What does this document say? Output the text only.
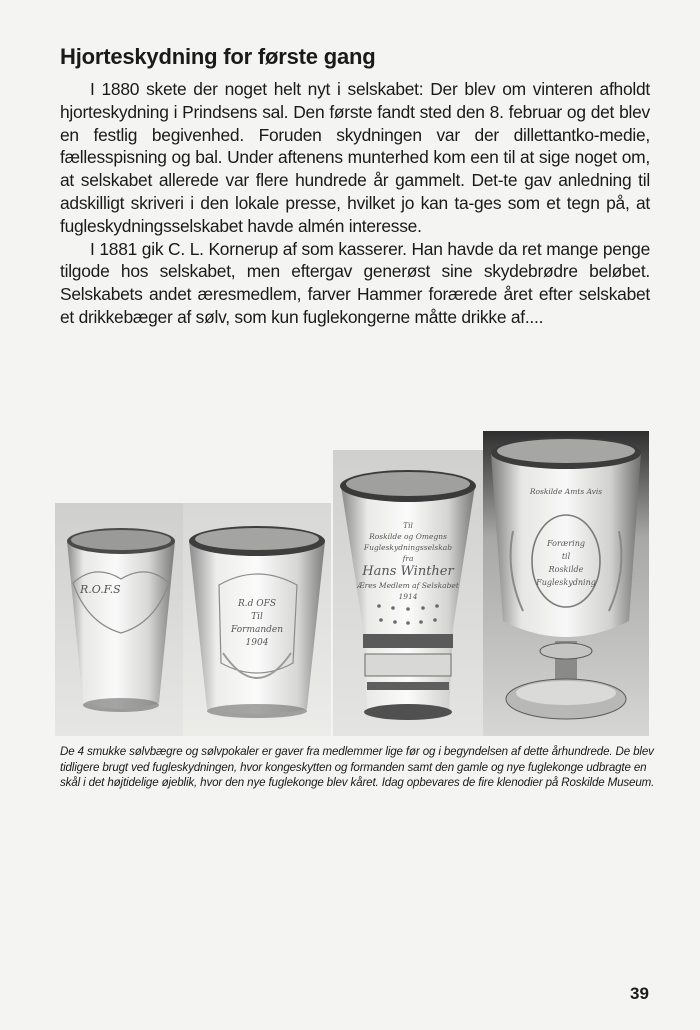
Hjorteskydning for første gang

I 1880 skete der noget helt nyt i selskabet: Der blev om vinteren afholdt hjorteskydning i Prindsens sal. Den første fandt sted den 8. februar og det blev en festlig begivenhed. Foruden skydningen var der dillettantko-medie, fællesspisning og bal. Under aftenens munterhed kom een til at sige noget om, at selskabet allerede var flere hundrede år gammelt. Det-te gav anledning til adskilligt skriveri i den lokale presse, hvilket jo kan ta-ges som et tegn på, at fugleskydningsselskabet havde almén interesse.

I 1881 gik C. L. Kornerup af som kasserer. Han havde da ret mange penge tilgode hos selskabet, men eftergav generøst sine skydebrødre beløbet. Selskabets andet æresmedlem, farver Hammer forærede året efter selskabet et drikkebæger af sølv, som kun fuglekongerne måtte drikke af....

R.O.F.S
R.d OFS
Til
Formanden
1904
Til
Roskilde og Omegns Fugleskydningsselskab
fra
Hans Winther
Æres Medlem af Selskabet
1914
Roskilde Amts Avis
Foræring
til
Roskilde
Fugleskydning

De 4 smukke sølvbægre og sølvpokaler er gaver fra medlemmer lige før og i begyndelsen af dette århundrede. De blev tidligere brugt ved fugleskydningen, hvor kongeskytten og formanden samt den gamle og nye fuglekonge udbragte en skål i det højtidelige øjeblik, hvor den nye fuglekonge blev kåret. Idag opbevares de fire klenodier på Roskilde Museum.

39
